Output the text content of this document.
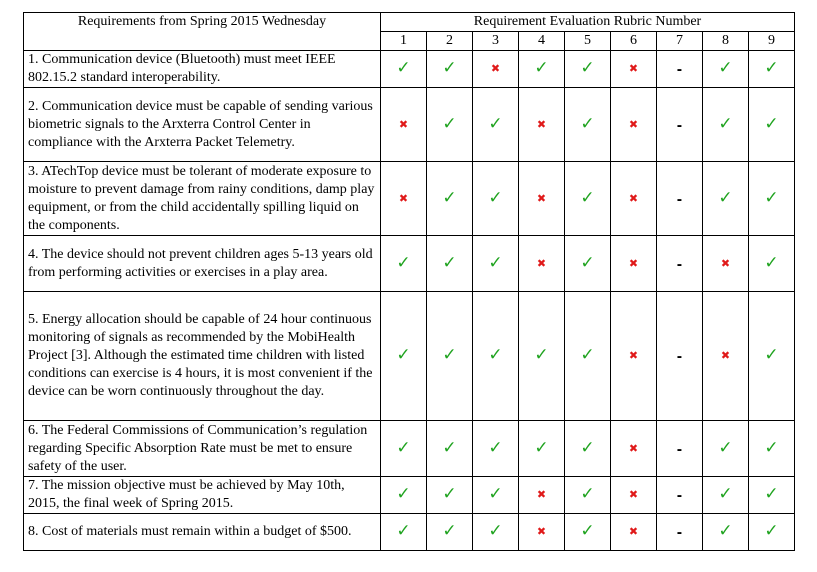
Requirements from Spring 2015 Wednesday	Requirement Evaluation Rubric Number								
	1	2	3	4	5	6	7	8	9
1. Communication device (Bluetooth) must meet IEEE 802.15.2 standard interoperability.	✓	✓	✖	✓	✓	✖	-	✓	✓
2. Communication device must be capable of sending various biometric signals to the Arxterra Control Center in compliance with the Arxterra Packet Telemetry.	✖	✓	✓	✖	✓	✖	-	✓	✓
3. ATechTop device must be tolerant of moderate exposure to moisture to prevent damage from rainy conditions, damp play equipment, or from the child accidentally spilling liquid on the components.	✖	✓	✓	✖	✓	✖	-	✓	✓
4. The device should not prevent children ages 5-13 years old from performing activities or exercises in a play area.	✓	✓	✓	✖	✓	✖	-	✖	✓
5. Energy allocation should be capable of 24 hour continuous monitoring of signals as recommended by the MobiHealth Project [3]. Although the estimated time children with listed conditions can exercise is 4 hours, it is most convenient if the device can be worn continuously throughout the day.	✓	✓	✓	✓	✓	✖	-	✖	✓
6. The Federal Commissions of Communication’s regulation regarding Specific Absorption Rate must be met to ensure safety of the user.	✓	✓	✓	✓	✓	✖	-	✓	✓
7. The mission objective must be achieved by May 10th, 2015, the final week of Spring 2015.	✓	✓	✓	✖	✓	✖	-	✓	✓
8. Cost of materials must remain within a budget of $500.	✓	✓	✓	✖	✓	✖	-	✓	✓
